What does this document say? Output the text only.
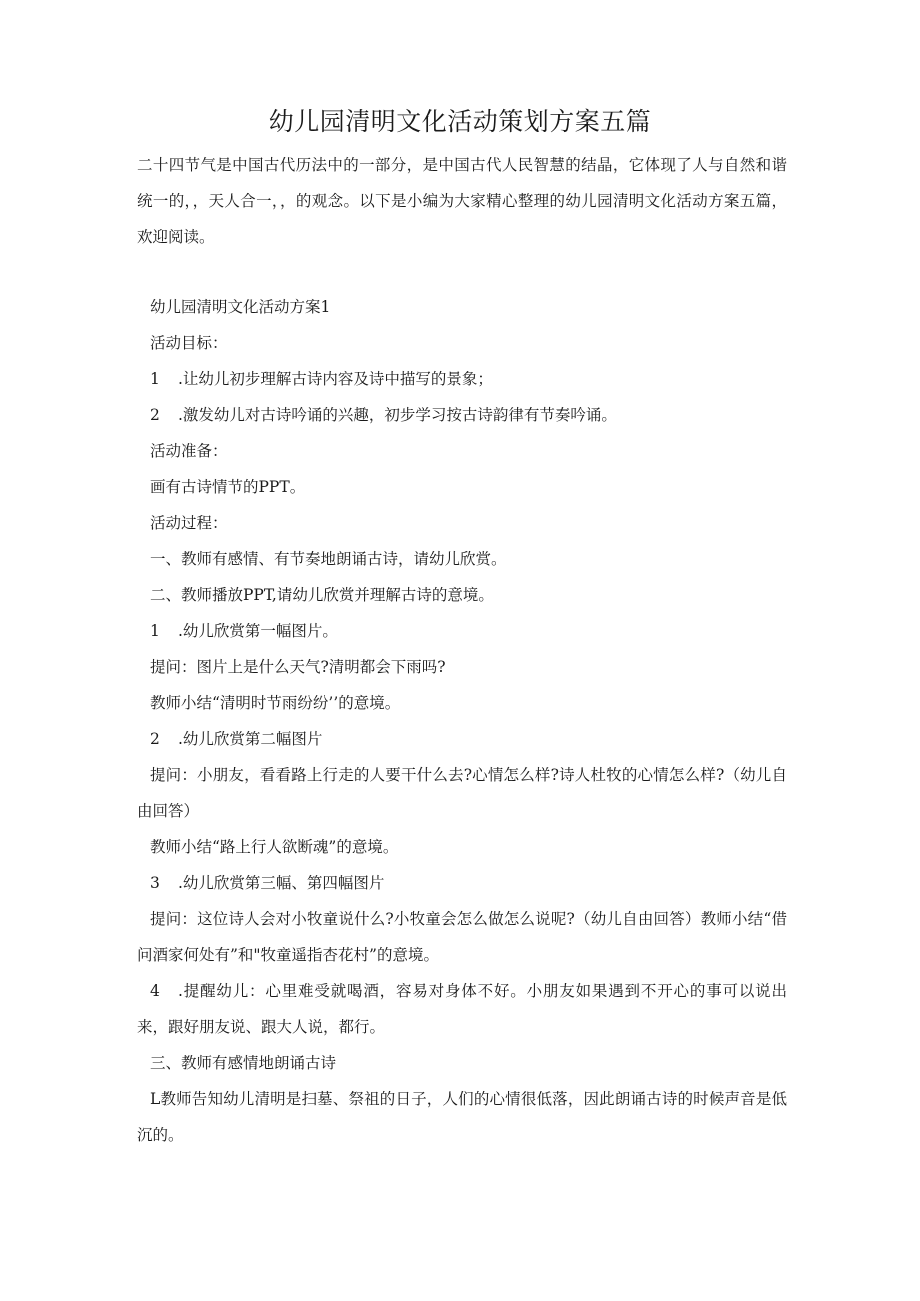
幼儿园清明文化活动策划方案五篇

二十四节气是中国古代历法中的一部分，是中国古代人民智慧的结晶，它体现了人与自然和谐统一的，，天人合一，，的观念。以下是小编为大家精心整理的幼儿园清明文化活动方案五篇，欢迎阅读。

幼儿园清明文化活动方案1

活动目标：

1 .让幼儿初步理解古诗内容及诗中描写的景象；

2 .激发幼儿对古诗吟诵的兴趣，初步学习按古诗韵律有节奏吟诵。

活动准备：

画有古诗情节的PPT。

活动过程：

一、教师有感情、有节奏地朗诵古诗，请幼儿欣赏。

二、教师播放PPT,请幼儿欣赏并理解古诗的意境。

1 .幼儿欣赏第一幅图片。

提问：图片上是什么天气?清明都会下雨吗?

教师小结“清明时节雨纷纷’’的意境。

2 .幼儿欣赏第二幅图片

提问：小朋友，看看路上行走的人要干什么去?心情怎么样?诗人杜牧的心情怎么样?（幼儿自由回答）

教师小结“路上行人欲断魂”的意境。

3 .幼儿欣赏第三幅、第四幅图片

提问：这位诗人会对小牧童说什么?小牧童会怎么做怎么说呢?（幼儿自由回答）教师小结“借问酒家何处有”和"牧童遥指杏花村”的意境。

4 .提醒幼儿：心里难受就喝酒，容易对身体不好。小朋友如果遇到不开心的事可以说出来，跟好朋友说、跟大人说，都行。

三、教师有感情地朗诵古诗

L教师告知幼儿清明是扫墓、祭祖的日子，人们的心情很低落，因此朗诵古诗的时候声音是低沉的。
